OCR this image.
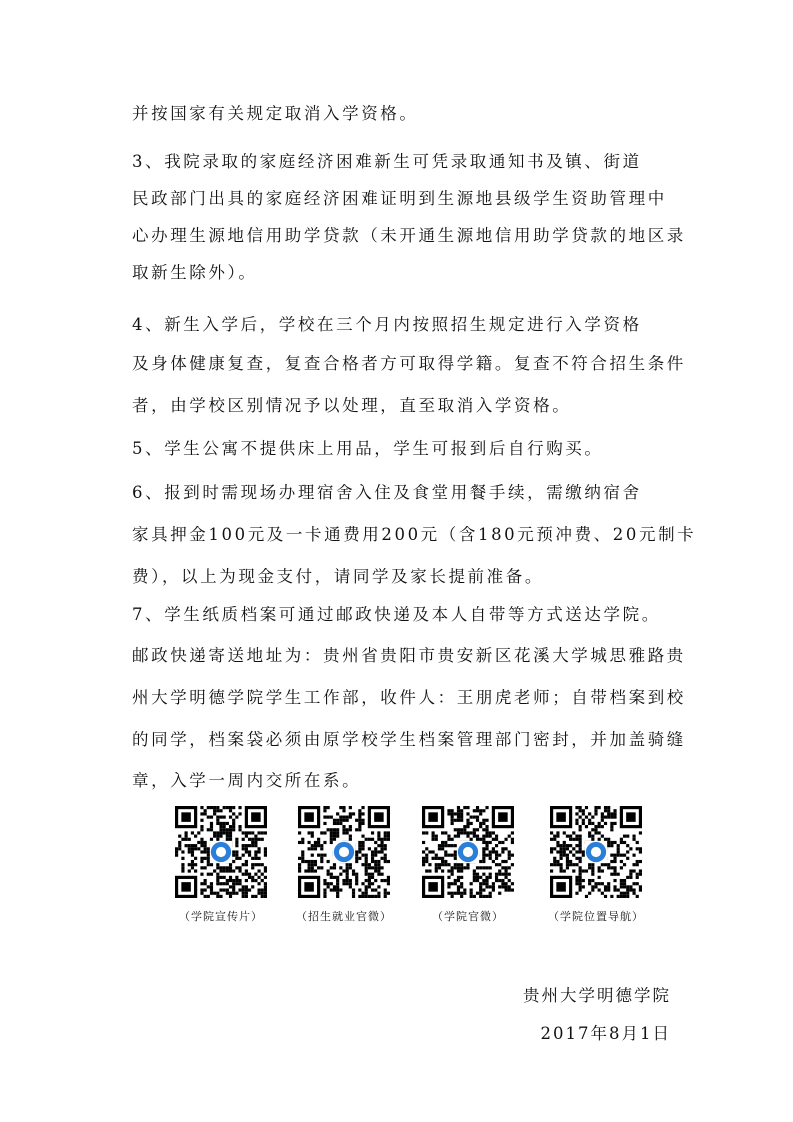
并按国家有关规定取消入学资格。
3、我院录取的家庭经济困难新生可凭录取通知书及镇、街道
民政部门出具的家庭经济困难证明到生源地县级学生资助管理中
心办理生源地信用助学贷款（未开通生源地信用助学贷款的地区录
取新生除外）。
4、新生入学后，学校在三个月内按照招生规定进行入学资格
及身体健康复查，复查合格者方可取得学籍。复查不符合招生条件
者，由学校区别情况予以处理，直至取消入学资格。
5、学生公寓不提供床上用品，学生可报到后自行购买。
6、报到时需现场办理宿舍入住及食堂用餐手续，需缴纳宿舍
家具押金100元及一卡通费用200元（含180元预冲费、20元制卡
费），以上为现金支付，请同学及家长提前准备。
7、学生纸质档案可通过邮政快递及本人自带等方式送达学院。
邮政快递寄送地址为：贵州省贵阳市贵安新区花溪大学城思雅路贵
州大学明德学院学生工作部，收件人：王朋虎老师；自带档案到校
的同学，档案袋必须由原学校学生档案管理部门密封，并加盖骑缝
章，入学一周内交所在系。
（学院宣传片）	（招生就业官微）	（学院官微）	（学院位置导航）
贵州大学明德学院
2017年8月1日
